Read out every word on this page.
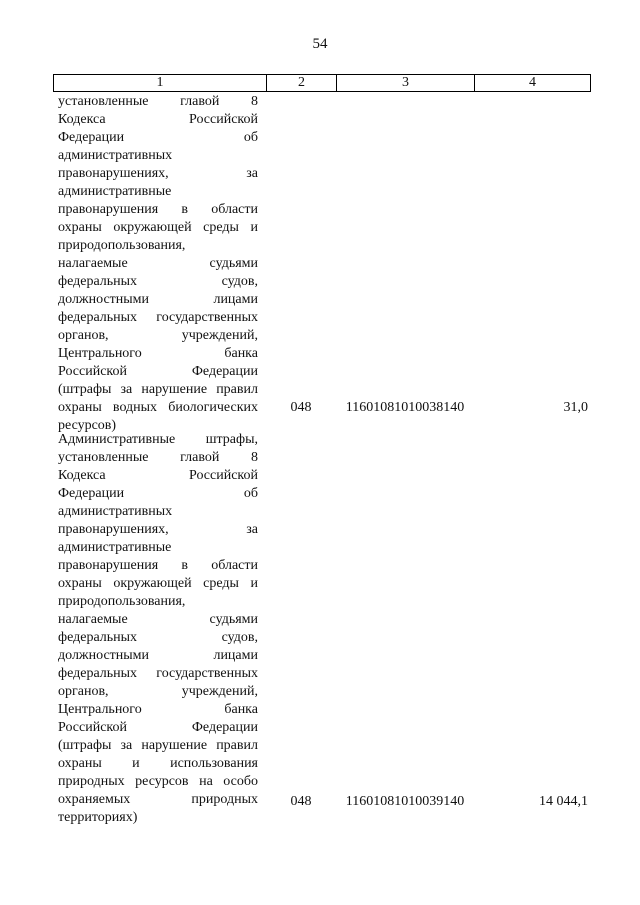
54
1	2	3	4
установленные главой 8
Кодекса Российской
Федерации об
административных
правонарушениях, за
административные
правонарушения в области
охраны окружающей среды и
природопользования,
налагаемые судьями
федеральных судов,
должностными лицами
федеральных государственных
органов, учреждений,
Центрального банка
Российской Федерации
(штрафы за нарушение правил
охраны водных биологических
ресурсов)
048	11601081010038140	31,0
Административные штрафы,
установленные главой 8
Кодекса Российской
Федерации об
административных
правонарушениях, за
административные
правонарушения в области
охраны окружающей среды и
природопользования,
налагаемые судьями
федеральных судов,
должностными лицами
федеральных государственных
органов, учреждений,
Центрального банка
Российской Федерации
(штрафы за нарушение правил
охраны и использования
природных ресурсов на особо
охраняемых природных
территориях)
048	11601081010039140	14 044,1
